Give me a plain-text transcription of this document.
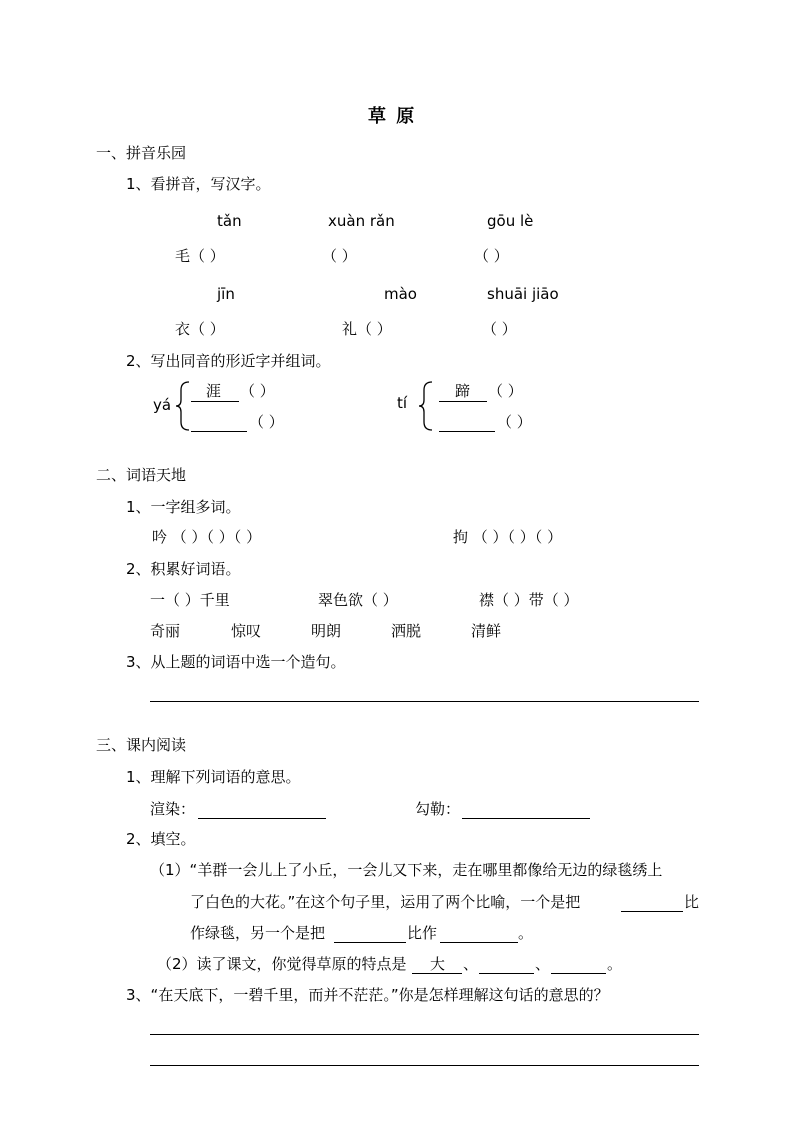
草 原
一、拼音乐园
1、看拼音，写汉字。
tǎn	xuàn rǎn	gōu lè
毛（ ）	（ ）	（ ）
jīn	mào	shuāi jiāo
衣（ ）	礼（ ）	（ ）
2、写出同音的形近字并组词。
yá
涯 （ ）
（ ）
tí
蹄 （ ）
（ ）
二、词语天地
1、一字组多词。
吟 （ ）（ ）（ ）	拘 （ ）（ ）（ ）
2、积累好词语。
一（ ）千里	翠色欲（ ）	襟（ ）带（ ）
奇丽	惊叹	明朗	洒脱	清鲜
3、从上题的词语中选一个造句。
三、课内阅读
1、理解下列词语的意思。
渲染：	勾勒：
2、填空。
（1）“羊群一会儿上了小丘，一会儿又下来，走在哪里都像给无边的绿毯绣上
了白色的大花。”在这个句子里，运用了两个比喻，一个是把	比
作绿毯，另一个是把	比作	。
（2）读了课文，你觉得草原的特点是 大 、	、	。
3、“在天底下，一碧千里，而并不茫茫。”你是怎样理解这句话的意思的？
